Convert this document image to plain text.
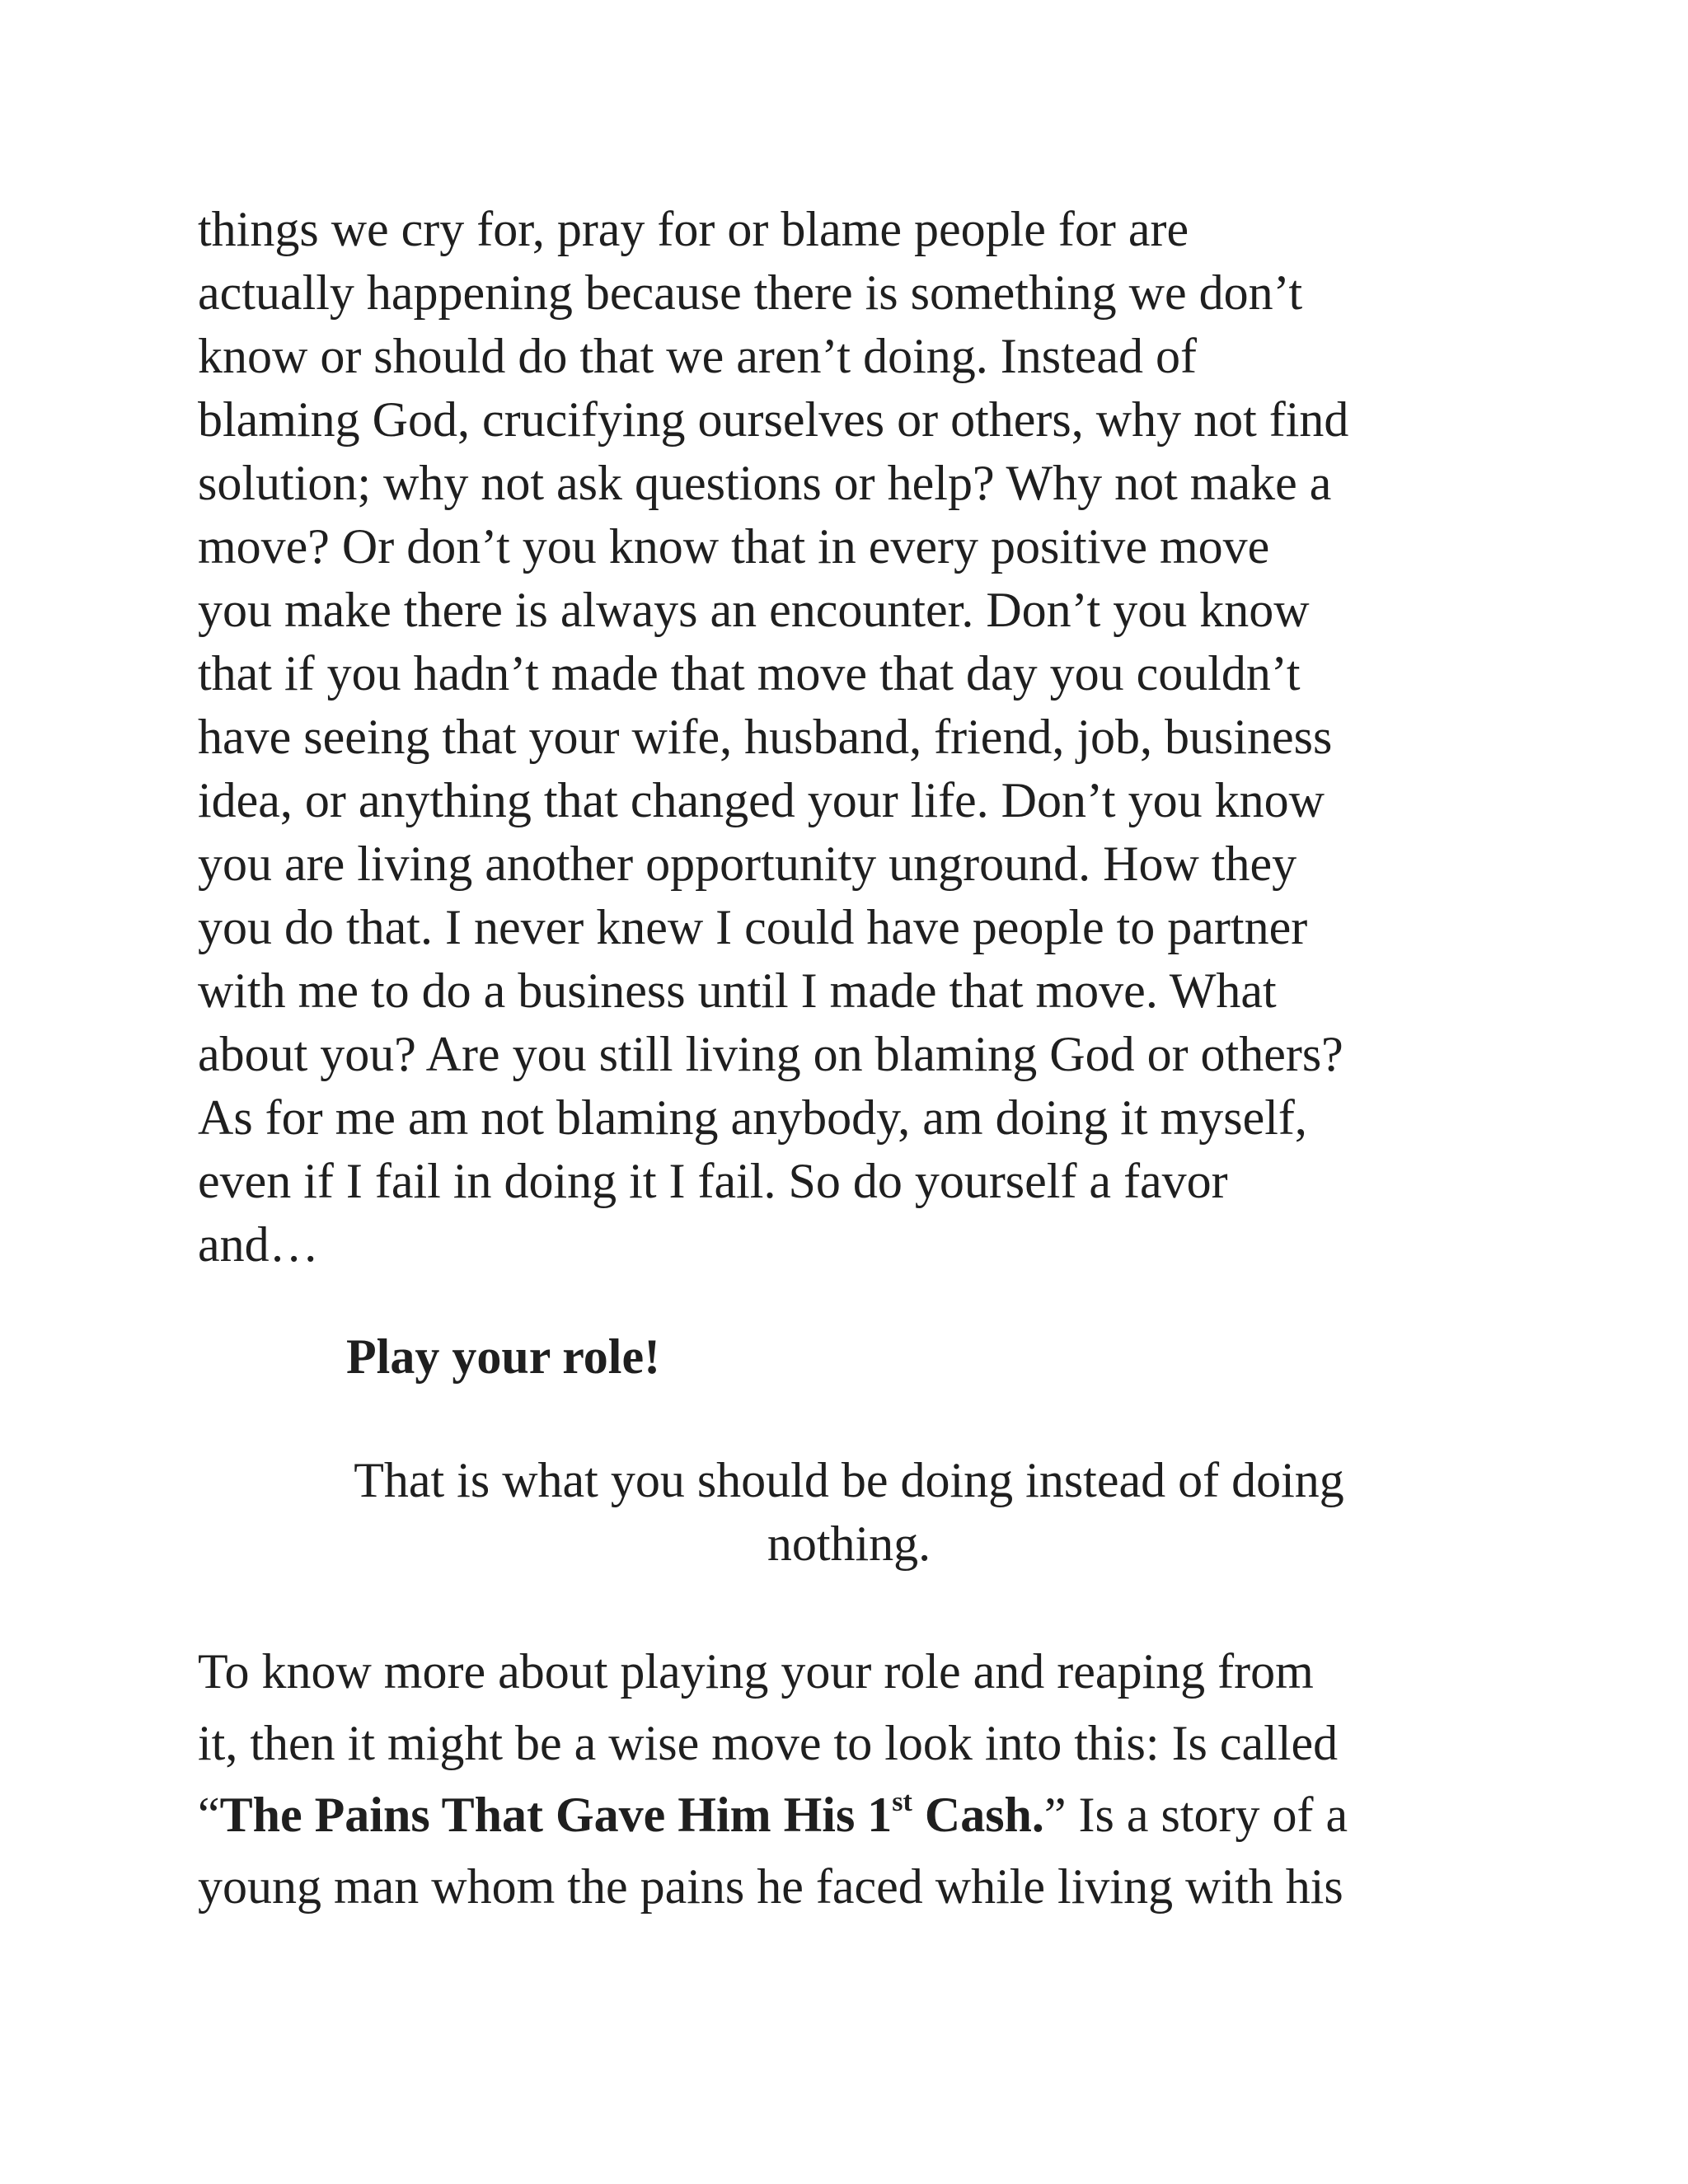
things we cry for, pray for or blame people for are
actually happening because there is something we don’t
know or should do that we aren’t doing. Instead of
blaming God, crucifying ourselves or others, why not find
solution; why not ask questions or help? Why not make a
move? Or don’t you know that in every positive move
you make there is always an encounter. Don’t you know
that if you hadn’t made that move that day you couldn’t
have seeing that your wife, husband, friend, job, business
idea, or anything that changed your life. Don’t you know
you are living another opportunity unground. How they
you do that. I never knew I could have people to partner
with me to do a business until I made that move. What
about you? Are you still living on blaming God or others?
As for me am not blaming anybody, am doing it myself,
even if I fail in doing it I fail. So do yourself a favor
and…
Play your role!
That is what you should be doing instead of doing
nothing.
To know more about playing your role and reaping from
it, then it might be a wise move to look into this: Is called
“The Pains That Gave Him His 1st Cash.” Is a story of a
young man whom the pains he faced while living with his
